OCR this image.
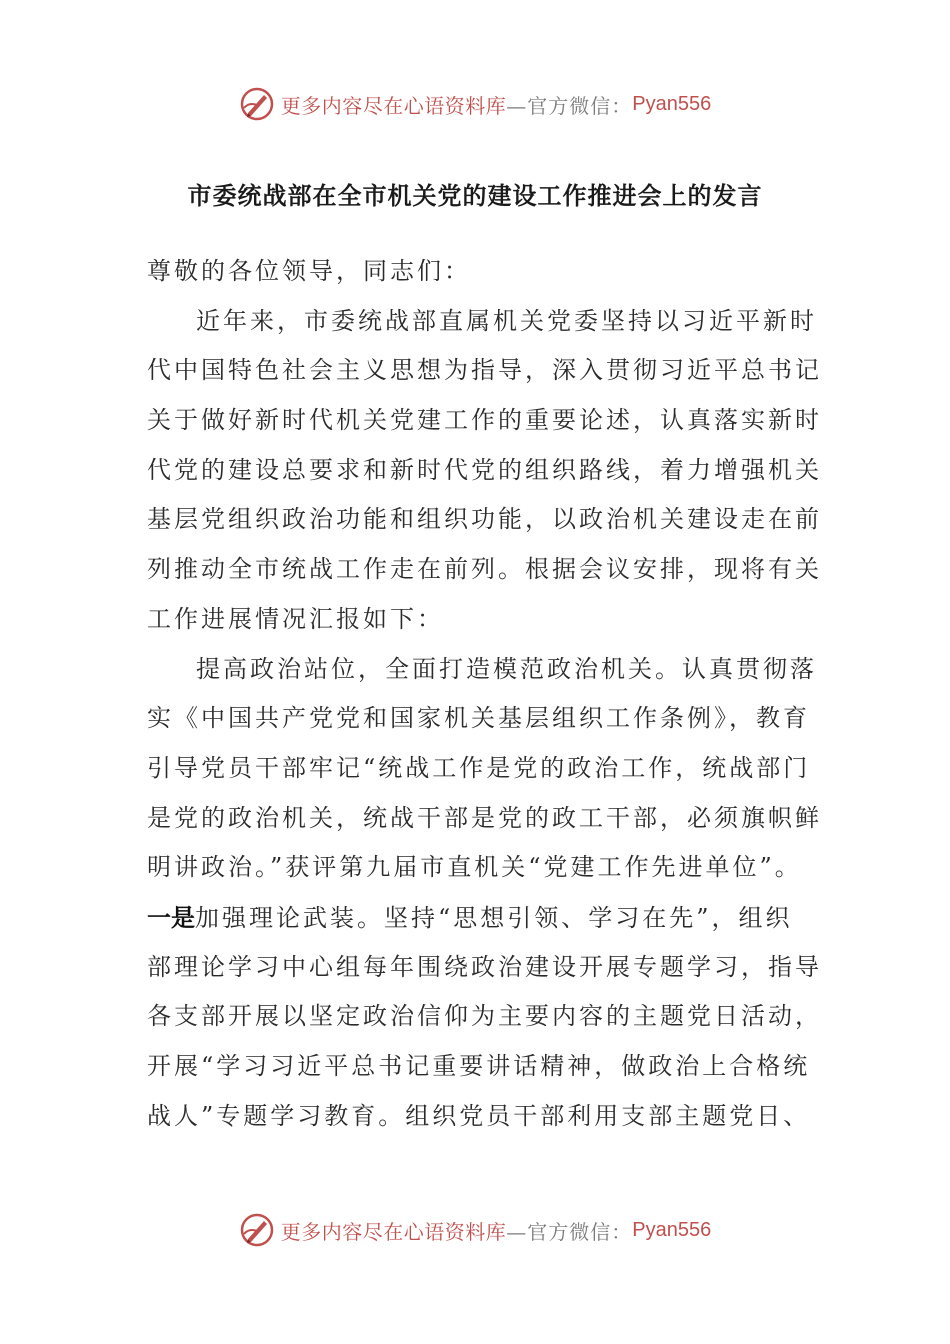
更多内容尽在心语资料库 —官方微信： Pyan556
市委统战部在全市机关党的建设工作推进会上的发言
尊敬的各位领导，同志们：
近年来，市委统战部直属机关党委坚持以习近平新时
代中国特色社会主义思想为指导，深入贯彻习近平总书记
关于做好新时代机关党建工作的重要论述，认真落实新时
代党的建设总要求和新时代党的组织路线，着力增强机关
基层党组织政治功能和组织功能，以政治机关建设走在前
列推动全市统战工作走在前列。根据会议安排，现将有关
工作进展情况汇报如下：
提高政治站位，全面打造模范政治机关。认真贯彻落
实《中国共产党党和国家机关基层组织工作条例》，教育
引导党员干部牢记“统战工作是党的政治工作，统战部门
是党的政治机关，统战干部是党的政工干部，必须旗帜鲜
明讲政治。”获评第九届市直机关“党建工作先进单位”。
一是加强理论武装。坚持“思想引领、学习在先”，组织
部理论学习中心组每年围绕政治建设开展专题学习，指导
各支部开展以坚定政治信仰为主要内容的主题党日活动，
开展“学习习近平总书记重要讲话精神，做政治上合格统
战人”专题学习教育。组织党员干部利用支部主题党日、
更多内容尽在心语资料库 —官方微信： Pyan556
